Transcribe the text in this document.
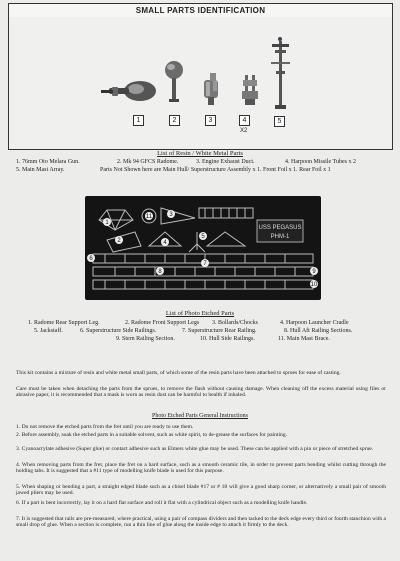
SMALL PARTS IDENTIFICATION
1	2	3	4
X2
5
List of Resin / White Metal Parts
1. 76mm Oto Melara Gun.	2. Mk 94 GFCS Radome.	3. Engine Exhaust Duct.	4. Harpoon Missile Tubes x 2
5. Main Mast Array.	Parts Not Shown here are Main Hull/ Superstructure Assembly x 1. Front Foil x 1. Rear Foil x 1
USS PEGASUS
PHM-1
1
2
3
4
5
6
7
8	9
10
11
List of Photo Etched Parts
1. Radome Rear Support Leg.	2. Radome Front Support Legs 3. Bollards/Chocks	4. Harpoon Launcher Cradle
5. Jackstaff.	6. Superstructure Side Railings.	7. Superstructure Rear Railing.	8. Hull Aft Railing Sections.
9. Stern Railing Section.	10. Hull Side Railings.	11. Main Mast Brace.
This kit contains a mixture of resin and white metal small parts, of which some of the resin parts have been attached to sprues for ease of casting.
Care must be taken when detaching the parts from the sprues, to remove the flash without causing damage. When cleaning off the excess material using files or abrasive paper, it is recommended that a mask is worn as resin dust can be harmful to health if inhaled.
Photo Etched Parts General Instructions
1. Do not remove the etched parts from the fret until you are ready to use them.
2. Before assembly, soak the etched parts in a suitable solvent, such as white spirit, to de-grease the surfaces for painting.
3. Cyanoacrylate adhesive (Super glue) or contact adhesive such as Elmers white glue may be used. These can be applied with a pin or piece of stretched sprue.
4. When removing parts from the fret, place the fret on a hard surface, such as a smooth ceramic tile, in order to prevent parts bending whilst cutting through the holding tabs. It is suggested that a #11 type of modelling knife blade is used for this purpose.
5. When shaping or bending a part, a straight edged blade such as a chisel blade #17 or # 18 will give a good sharp corner, or alternatively a small pair of smooth jawed pliers may be used.
6. If a part is bent incorrectly, lay it on a hard flat surface and roll it flat with a cylindrical object such as a modelling knife handle.
7. It is suggested that rails are pre-measured, where practical, using a pair of compass dividers and then tacked to the deck edge every third or fourth stanchion with a small drop of glue. When a section is complete, run a thin line of glue along the inside edge to attach it firmly to the deck.
